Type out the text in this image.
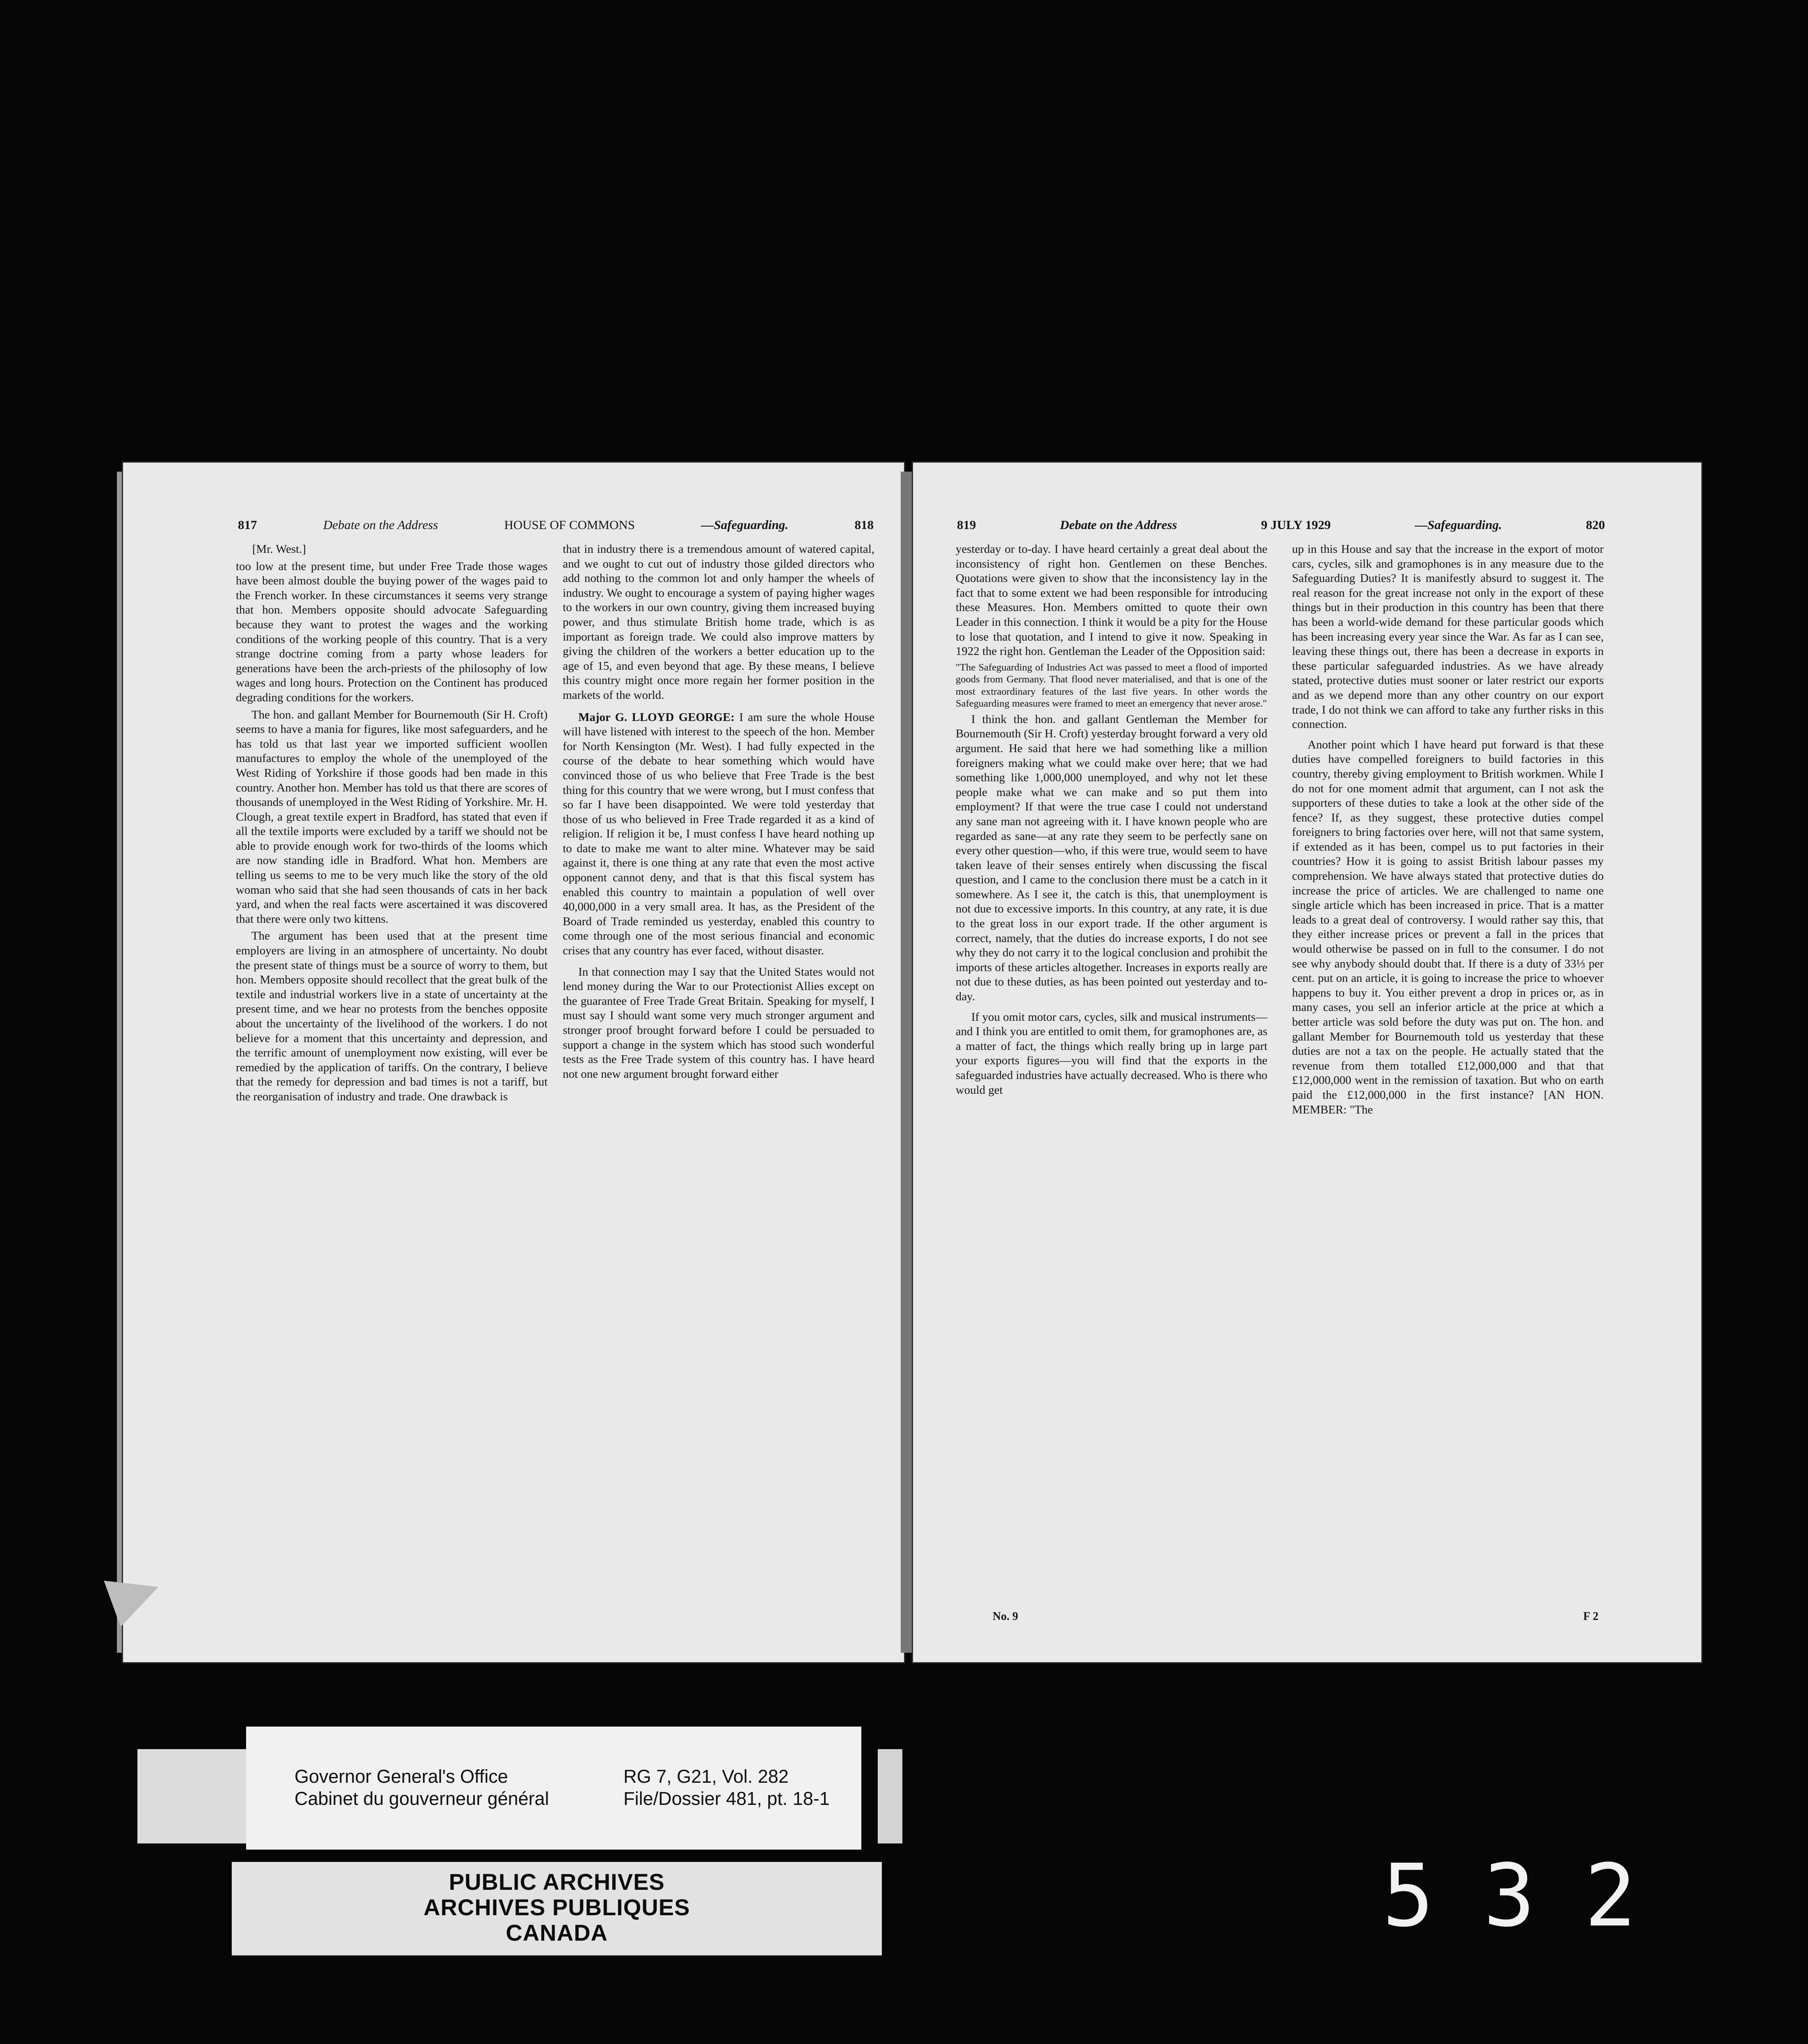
817	Debate on the Address	HOUSE OF COMMONS	—Safeguarding.	818

[Mr. West.]

too low at the present time, but under Free Trade those wages have been almost double the buying power of the wages paid to the French worker. In these circumstances it seems very strange that hon. Members opposite should advocate Safeguarding because they want to protest the wages and the working conditions of the working people of this country. That is a very strange doctrine coming from a party whose leaders for generations have been the arch-priests of the philosophy of low wages and long hours. Protection on the Continent has produced degrading conditions for the workers.

The hon. and gallant Member for Bournemouth (Sir H. Croft) seems to have a mania for figures, like most safeguarders, and he has told us that last year we imported sufficient woollen manufactures to employ the whole of the unemployed of the West Riding of Yorkshire if those goods had ben made in this country. Another hon. Member has told us that there are scores of thousands of unemployed in the West Riding of Yorkshire. Mr. H. Clough, a great textile expert in Bradford, has stated that even if all the textile imports were excluded by a tariff we should not be able to provide enough work for two-thirds of the looms which are now standing idle in Bradford. What hon. Members are telling us seems to me to be very much like the story of the old woman who said that she had seen thousands of cats in her back yard, and when the real facts were ascertained it was discovered that there were only two kittens.

The argument has been used that at the present time employers are living in an atmosphere of uncertainty. No doubt the present state of things must be a source of worry to them, but hon. Members opposite should recollect that the great bulk of the textile and industrial workers live in a state of uncertainty at the present time, and we hear no protests from the benches opposite about the uncertainty of the livelihood of the workers. I do not believe for a moment that this uncertainty and depression, and the terrific amount of unemployment now existing, will ever be remedied by the application of tariffs. On the contrary, I believe that the remedy for depression and bad times is not a tariff, but the reorganisation of industry and trade. One drawback is

that in industry there is a tremendous amount of watered capital, and we ought to cut out of industry those gilded directors who add nothing to the common lot and only hamper the wheels of industry. We ought to encourage a system of paying higher wages to the workers in our own country, giving them increased buying power, and thus stimulate British home trade, which is as important as foreign trade. We could also improve matters by giving the children of the workers a better education up to the age of 15, and even beyond that age. By these means, I believe this country might once more regain her former position in the markets of the world.

Major G. LLOYD GEORGE: I am sure the whole House will have listened with interest to the speech of the hon. Member for North Kensington (Mr. West). I had fully expected in the course of the debate to hear something which would have convinced those of us who believe that Free Trade is the best thing for this country that we were wrong, but I must confess that so far I have been disappointed. We were told yesterday that those of us who believed in Free Trade regarded it as a kind of religion. If religion it be, I must confess I have heard nothing up to date to make me want to alter mine. Whatever may be said against it, there is one thing at any rate that even the most active opponent cannot deny, and that is that this fiscal system has enabled this country to maintain a population of well over 40,000,000 in a very small area. It has, as the President of the Board of Trade reminded us yesterday, enabled this country to come through one of the most serious financial and economic crises that any country has ever faced, without disaster.

In that connection may I say that the United States would not lend money during the War to our Protectionist Allies except on the guarantee of Free Trade Great Britain. Speaking for myself, I must say I should want some very much stronger argument and stronger proof brought forward before I could be persuaded to support a change in the system which has stood such wonderful tests as the Free Trade system of this country has. I have heard not one new argument brought forward either

819	Debate on the Address	9 JULY 1929	—Safeguarding.	820

yesterday or to-day. I have heard certainly a great deal about the inconsistency of right hon. Gentlemen on these Benches. Quotations were given to show that the inconsistency lay in the fact that to some extent we had been responsible for introducing these Measures. Hon. Members omitted to quote their own Leader in this connection. I think it would be a pity for the House to lose that quotation, and I intend to give it now. Speaking in 1922 the right hon. Gentleman the Leader of the Opposition said:

"The Safeguarding of Industries Act was passed to meet a flood of imported goods from Germany. That flood never materialised, and that is one of the most extraordinary features of the last five years. In other words the Safeguarding measures were framed to meet an emergency that never arose."

I think the hon. and gallant Gentleman the Member for Bournemouth (Sir H. Croft) yesterday brought forward a very old argument. He said that here we had something like a million foreigners making what we could make over here; that we had something like 1,000,000 unemployed, and why not let these people make what we can make and so put them into employment? If that were the true case I could not understand any sane man not agreeing with it. I have known people who are regarded as sane—at any rate they seem to be perfectly sane on every other question—who, if this were true, would seem to have taken leave of their senses entirely when discussing the fiscal question, and I came to the conclusion there must be a catch in it somewhere. As I see it, the catch is this, that unemployment is not due to excessive imports. In this country, at any rate, it is due to the great loss in our export trade. If the other argument is correct, namely, that the duties do increase exports, I do not see why they do not carry it to the logical conclusion and prohibit the imports of these articles altogether. Increases in exports really are not due to these duties, as has been pointed out yesterday and to-day.

If you omit motor cars, cycles, silk and musical instruments—and I think you are entitled to omit them, for gramophones are, as a matter of fact, the things which really bring up in large part your exports figures—you will find that the exports in the safeguarded industries have actually decreased. Who is there who would get

up in this House and say that the increase in the export of motor cars, cycles, silk and gramophones is in any measure due to the Safeguarding Duties? It is manifestly absurd to suggest it. The real reason for the great increase not only in the export of these things but in their production in this country has been that there has been a world-wide demand for these particular goods which has been increasing every year since the War. As far as I can see, leaving these things out, there has been a decrease in exports in these particular safeguarded industries. As we have already stated, protective duties must sooner or later restrict our exports and as we depend more than any other country on our export trade, I do not think we can afford to take any further risks in this connection.

Another point which I have heard put forward is that these duties have compelled foreigners to build factories in this country, thereby giving employment to British workmen. While I do not for one moment admit that argument, can I not ask the supporters of these duties to take a look at the other side of the fence? If, as they suggest, these protective duties compel foreigners to bring factories over here, will not that same system, if extended as it has been, compel us to put factories in their countries? How it is going to assist British labour passes my comprehension. We have always stated that protective duties do increase the price of articles. We are challenged to name one single article which has been increased in price. That is a matter leads to a great deal of controversy. I would rather say this, that they either increase prices or prevent a fall in the prices that would otherwise be passed on in full to the consumer. I do not see why anybody should doubt that. If there is a duty of 33⅓ per cent. put on an article, it is going to increase the price to whoever happens to buy it. You either prevent a drop in prices or, as in many cases, you sell an inferior article at the price at which a better article was sold before the duty was put on. The hon. and gallant Member for Bournemouth told us yesterday that these duties are not a tax on the people. He actually stated that the revenue from them totalled £12,000,000 and that that £12,000,000 went in the remission of taxation. But who on earth paid the £12,000,000 in the first instance? [AN HON. MEMBER: "The

No. 9	F 2
Governor General's Office
Cabinet du gouverneur général
RG 7, G21, Vol. 282
File/Dossier 481, pt. 18-1
PUBLIC ARCHIVES
ARCHIVES PUBLIQUES
CANADA	532
